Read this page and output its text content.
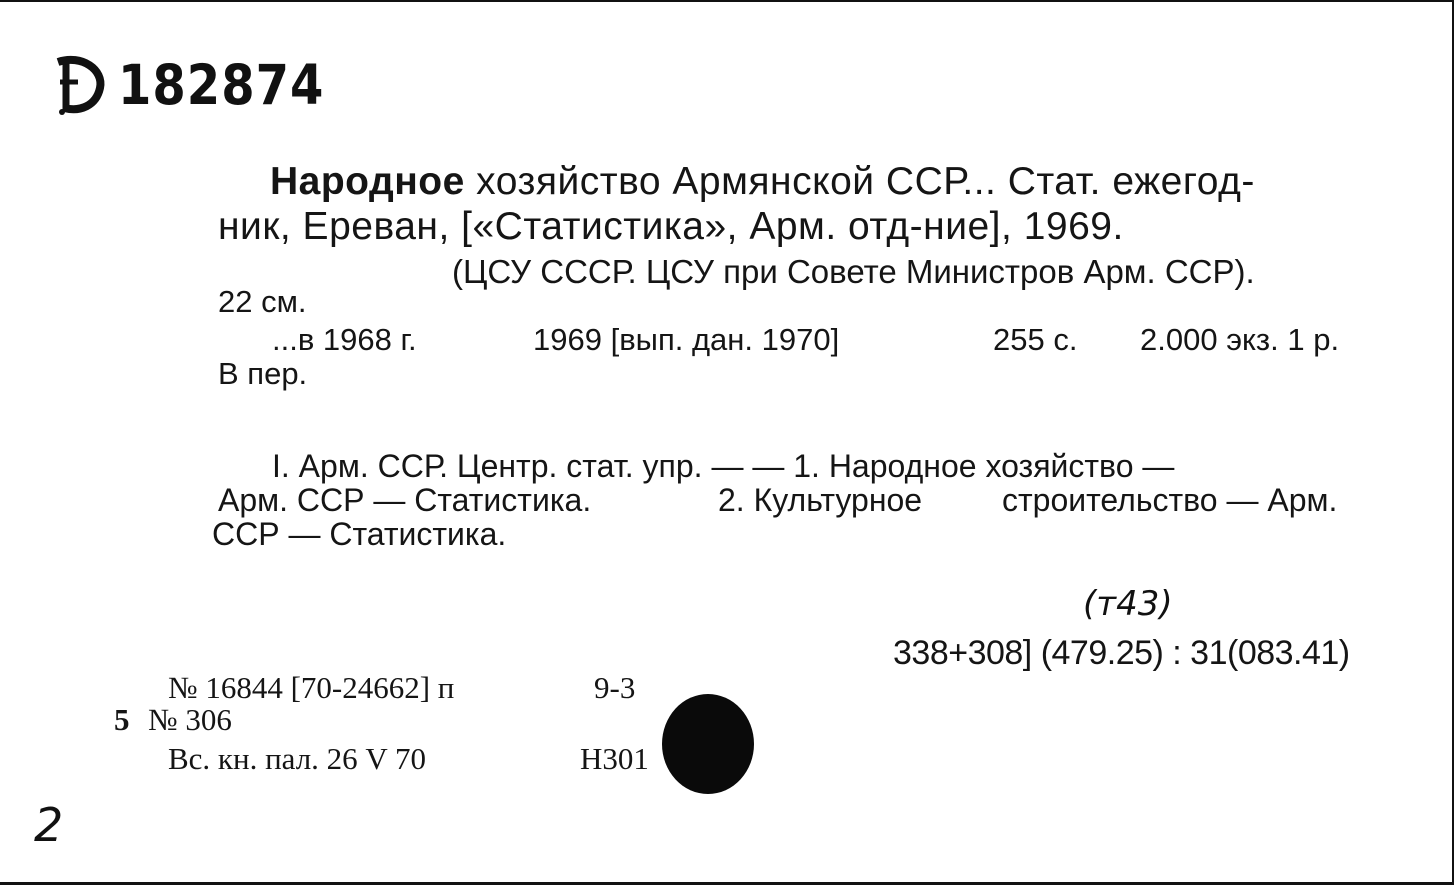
182874
Народное хозяйство Армянской ССР... Стат. ежегод-
ник, Ереван, [«Статистика», Арм. отд-ние], 1969.
(ЦСУ СССР. ЦСУ при Совете Министров Арм. ССР).
22 см.
...в 1968 г.	1969 [вып. дан. 1970]	255 с. 2.000 экз. 1 р.
В пер.
I. Арм. ССР. Центр. стат. упр. — — 1. Народное хозяйство —
Арм. ССР — Статистика.	2. Культурное строительство — Арм.
ССР — Статистика.
(т43)
338+308] (479.25) : 31(083.41)
№ 16844 [70-24662] п	9-3
5 № 306
Вс. кн. пал. 26 V 70	Н301
2
